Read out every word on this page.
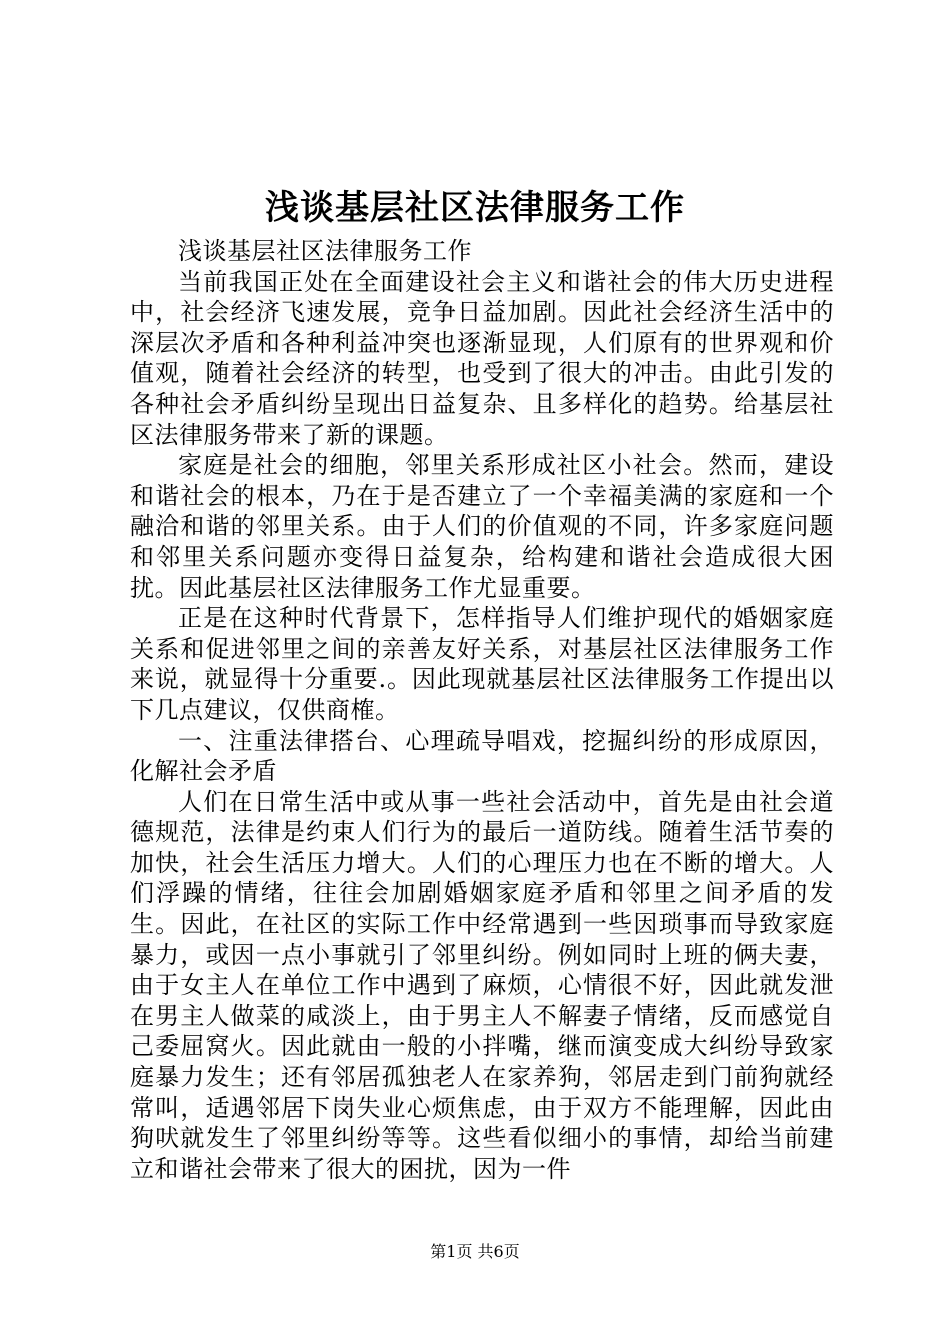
浅谈基层社区法律服务工作

浅谈基层社区法律服务工作

当前我国正处在全面建设社会主义和谐社会的伟大历史进程中，社会经济飞速发展，竞争日益加剧。因此社会经济生活中的深层次矛盾和各种利益冲突也逐渐显现，人们原有的世界观和价值观，随着社会经济的转型，也受到了很大的冲击。由此引发的各种社会矛盾纠纷呈现出日益复杂、且多样化的趋势。给基层社区法律服务带来了新的课题。

家庭是社会的细胞，邻里关系形成社区小社会。然而，建设和谐社会的根本，乃在于是否建立了一个幸福美满的家庭和一个融洽和谐的邻里关系。由于人们的价值观的不同，许多家庭问题和邻里关系问题亦变得日益复杂，给构建和谐社会造成很大困扰。因此基层社区法律服务工作尤显重要。

正是在这种时代背景下，怎样指导人们维护现代的婚姻家庭关系和促进邻里之间的亲善友好关系，对基层社区法律服务工作来说，就显得十分重要.。因此现就基层社区法律服务工作提出以下几点建议，仅供商榷。

一、注重法律搭台、心理疏导唱戏，挖掘纠纷的形成原因，化解社会矛盾

人们在日常生活中或从事一些社会活动中，首先是由社会道德规范，法律是约束人们行为的最后一道防线。随着生活节奏的加快，社会生活压力增大。人们的心理压力也在不断的增大。人们浮躁的情绪，往往会加剧婚姻家庭矛盾和邻里之间矛盾的发生。因此，在社区的实际工作中经常遇到一些因琐事而导致家庭暴力，或因一点小事就引了邻里纠纷。例如同时上班的俩夫妻，由于女主人在单位工作中遇到了麻烦，心情很不好，因此就发泄在男主人做菜的咸淡上，由于男主人不解妻子情绪，反而感觉自己委屈窝火。因此就由一般的小拌嘴，继而演变成大纠纷导致家庭暴力发生；还有邻居孤独老人在家养狗，邻居走到门前狗就经常叫，适遇邻居下岗失业心烦焦虑，由于双方不能理解，因此由狗吠就发生了邻里纠纷等等。这些看似细小的事情，却给当前建立和谐社会带来了很大的困扰，因为一件

第1页 共6页
